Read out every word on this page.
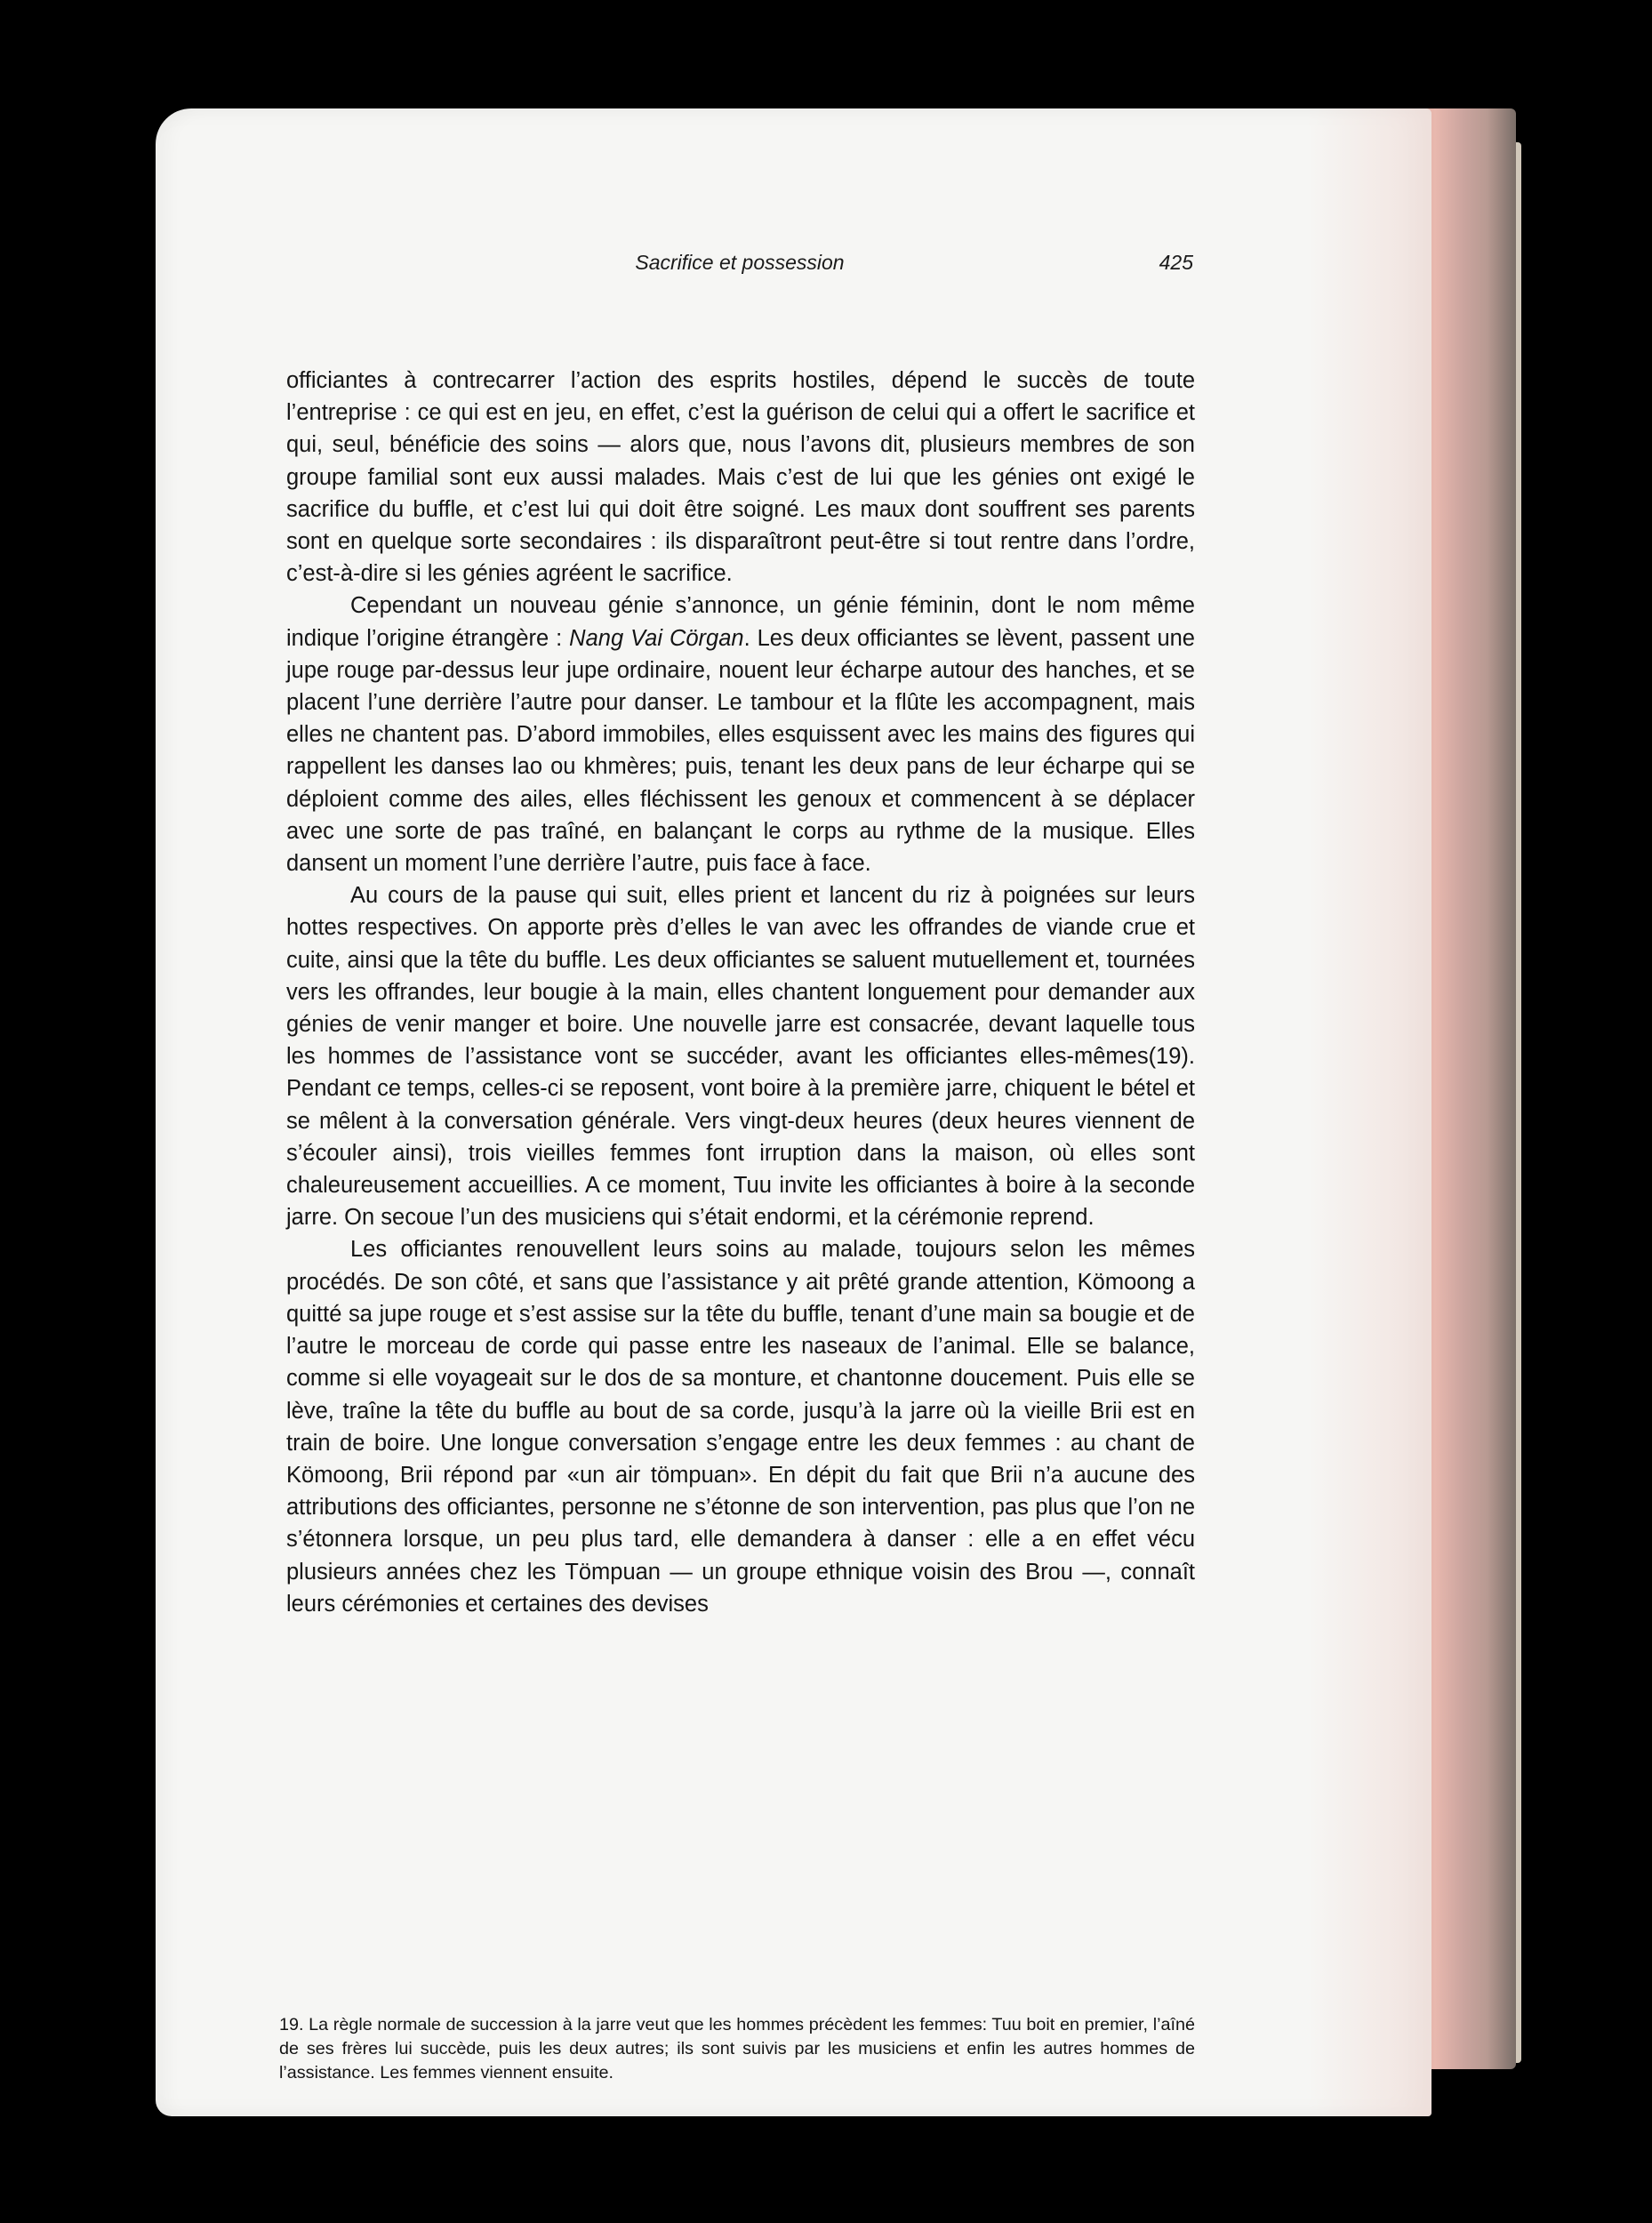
Sacrifice et possession	425

officiantes à contrecarrer l’action des esprits hostiles, dépend le succès de toute l’entreprise : ce qui est en jeu, en effet, c’est la guérison de celui qui a offert le sacrifice et qui, seul, bénéficie des soins — alors que, nous l’avons dit, plusieurs membres de son groupe familial sont eux aussi malades. Mais c’est de lui que les génies ont exigé le sacrifice du buffle, et c’est lui qui doit être soigné. Les maux dont souffrent ses parents sont en quelque sorte secondaires : ils disparaîtront peut-être si tout rentre dans l’ordre, c’est-à-dire si les génies agréent le sacrifice.

Cependant un nouveau génie s’annonce, un génie féminin, dont le nom même indique l’origine étrangère : Nang Vai Cörgan. Les deux officiantes se lèvent, passent une jupe rouge par-dessus leur jupe ordinaire, nouent leur écharpe autour des hanches, et se placent l’une derrière l’autre pour danser. Le tambour et la flûte les accompagnent, mais elles ne chantent pas. D’abord immobiles, elles esquissent avec les mains des figures qui rappellent les danses lao ou khmères; puis, tenant les deux pans de leur écharpe qui se déploient comme des ailes, elles fléchissent les genoux et commencent à se déplacer avec une sorte de pas traîné, en balançant le corps au rythme de la musique. Elles dansent un moment l’une derrière l’autre, puis face à face.

Au cours de la pause qui suit, elles prient et lancent du riz à poignées sur leurs hottes respectives. On apporte près d’elles le van avec les offrandes de viande crue et cuite, ainsi que la tête du buffle. Les deux officiantes se saluent mutuellement et, tournées vers les offrandes, leur bougie à la main, elles chantent longuement pour demander aux génies de venir manger et boire. Une nouvelle jarre est consacrée, devant laquelle tous les hommes de l’assistance vont se succéder, avant les officiantes elles-mêmes(19). Pendant ce temps, celles-ci se reposent, vont boire à la première jarre, chiquent le bétel et se mêlent à la conversation générale. Vers vingt-deux heures (deux heures viennent de s’écouler ainsi), trois vieilles femmes font irruption dans la maison, où elles sont chaleureusement accueillies. A ce moment, Tuu invite les officiantes à boire à la seconde jarre. On secoue l’un des musiciens qui s’était endormi, et la cérémonie reprend.

Les officiantes renouvellent leurs soins au malade, toujours selon les mêmes procédés. De son côté, et sans que l’assistance y ait prêté grande attention, Kömoong a quitté sa jupe rouge et s’est assise sur la tête du buffle, tenant d’une main sa bougie et de l’autre le morceau de corde qui passe entre les naseaux de l’animal. Elle se balance, comme si elle voyageait sur le dos de sa monture, et chantonne doucement. Puis elle se lève, traîne la tête du buffle au bout de sa corde, jusqu’à la jarre où la vieille Brii est en train de boire. Une longue conversation s’engage entre les deux femmes : au chant de Kömoong, Brii répond par «un air tömpuan». En dépit du fait que Brii n’a aucune des attributions des officiantes, personne ne s’étonne de son intervention, pas plus que l’on ne s’étonnera lorsque, un peu plus tard, elle demandera à danser : elle a en effet vécu plusieurs années chez les Tömpuan — un groupe ethnique voisin des Brou —, connaît leurs cérémonies et certaines des devises

19. La règle normale de succession à la jarre veut que les hommes précèdent les femmes: Tuu boit en premier, l’aîné de ses frères lui succède, puis les deux autres; ils sont suivis par les musiciens et enfin les autres hommes de l’assistance. Les femmes viennent ensuite.
